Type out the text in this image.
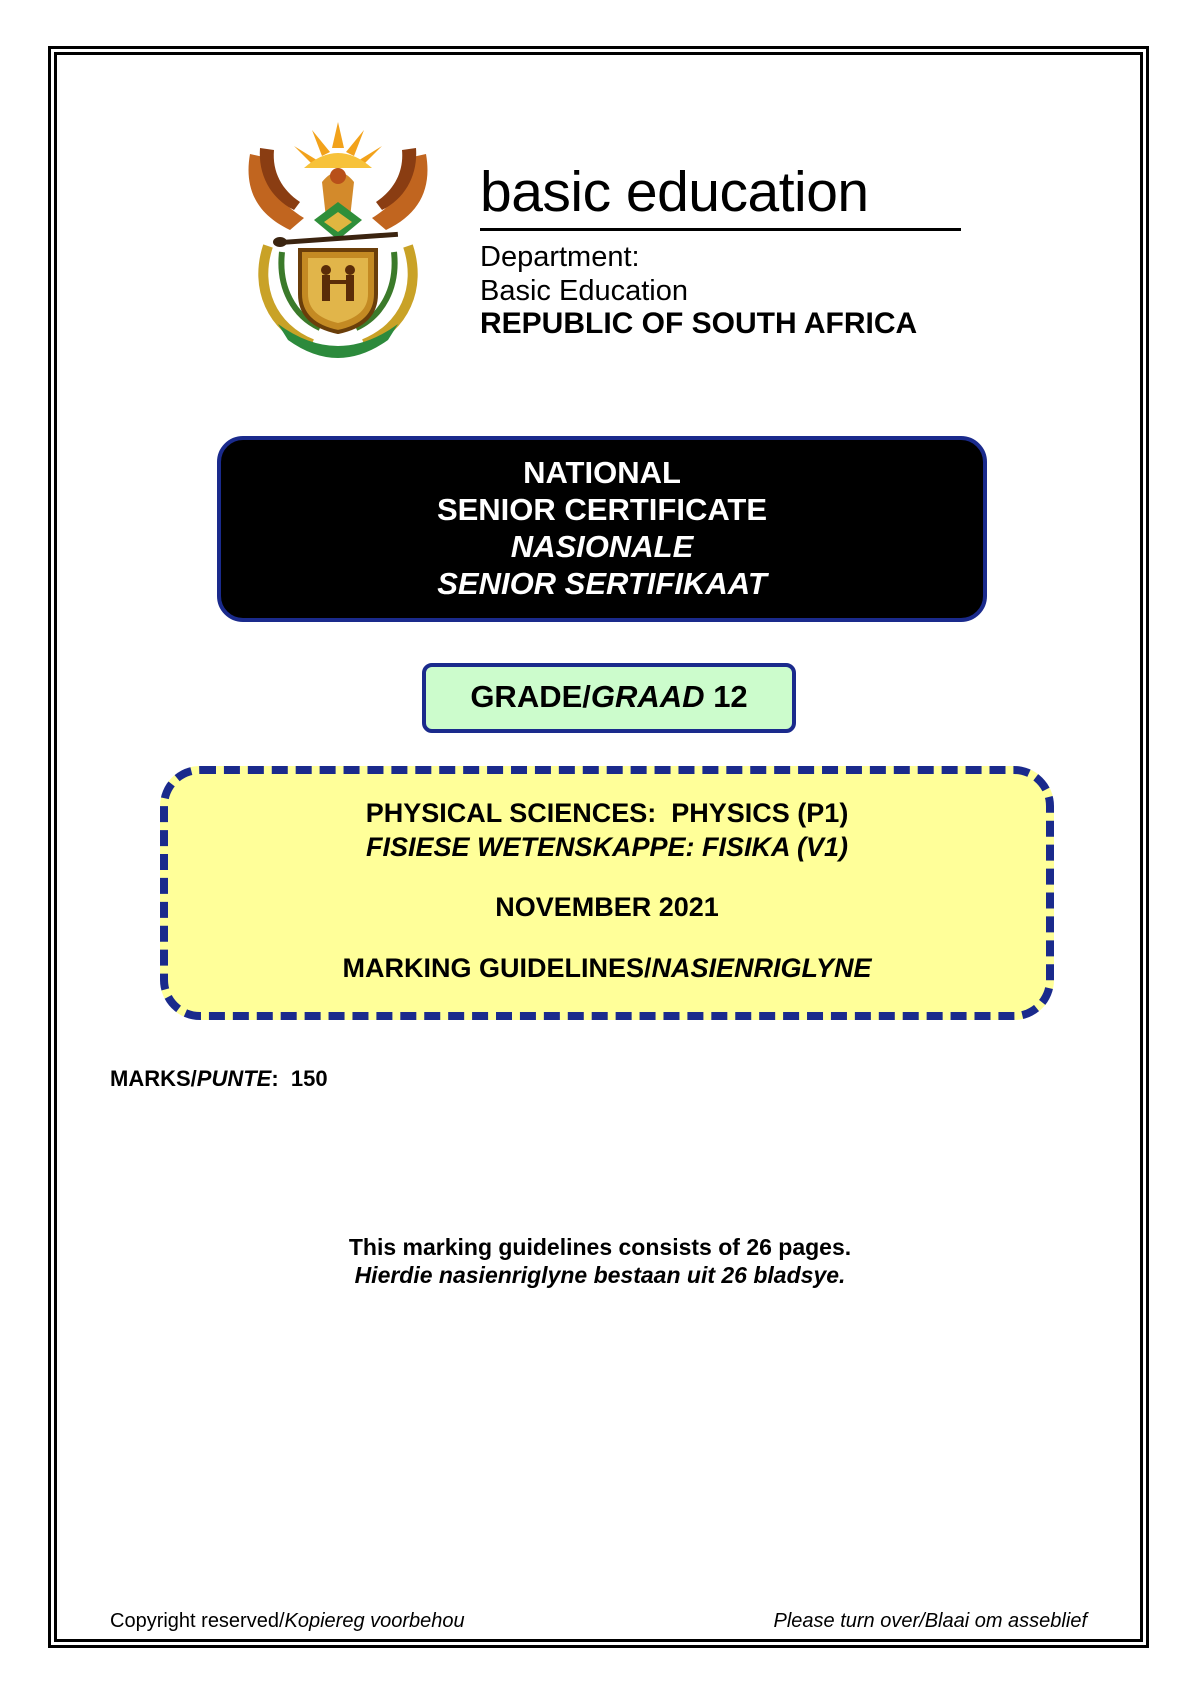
basic education
Department:
Basic Education
REPUBLIC OF SOUTH AFRICA
NATIONAL
SENIOR CERTIFICATE
NASIONALE
SENIOR SERTIFIKAAT
GRADE/GRAAD 12
PHYSICAL SCIENCES: PHYSICS (P1)
FISIESE WETENSKAPPE: FISIKA (V1)
NOVEMBER 2021
MARKING GUIDELINES/NASIENRIGLYNE
MARKS/PUNTE: 150
This marking guidelines consists of 26 pages.
Hierdie nasienriglyne bestaan uit 26 bladsye.
Copyright reserved/Kopiereg voorbehou	Please turn over/Blaai om asseblief
